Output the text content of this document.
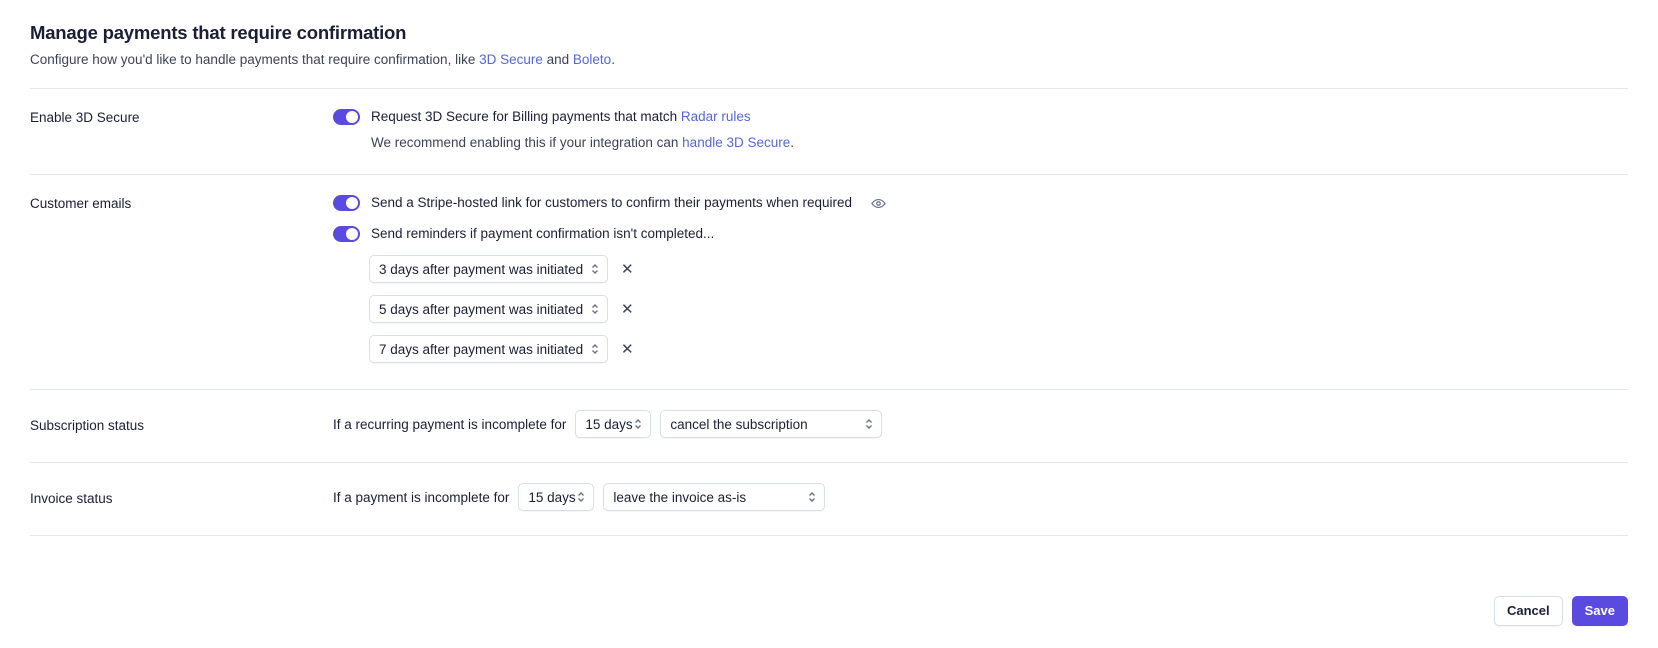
Manage payments that require confirmation

Configure how you'd like to handle payments that require confirmation, like 3D Secure and Boleto.

Enable 3D Secure	Request 3D Secure for Billing payments that match Radar rules
We recommend enabling this if your integration can handle 3D Secure.
Customer emails	Send a Stripe-hosted link for customers to confirm their payments when required
Send reminders if payment confirmation isn't completed...
3 days after payment was initiated	✕
5 days after payment was initiated	✕
7 days after payment was initiated	✕
Subscription status	If a recurring payment is incomplete for 15 days	cancel the subscription
Invoice status	If a payment is incomplete for 15 days	leave the invoice as-is
Cancel	Save
